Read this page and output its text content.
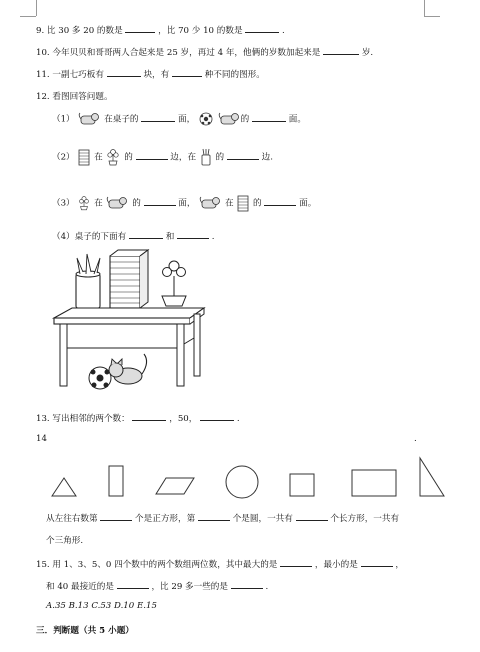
9. 比 30 多 20 的数是	，比 70 少 10 的数是	.
10. 今年贝贝和哥哥两人合起来是 25 岁，再过 4 年，他俩的岁数加起来是	岁.
11. 一副七巧板有	块，有	种不同的图形。
12. 看图回答问题。
（1）	在桌子的	面，
	的	面。
（2） 在 的	边，在 的	边.
（3） 在	的	面，	在 的	面。
（4）桌子的下面有	和	.
13. 写出相邻的两个数：	，50，	.
14	.
从左往右数第	个是正方形，第	个是圆，一共有	个长方形，一共有
个三角形.
15. 用 1、3、5、0 四个数中的两个数组两位数，其中最大的是	，最小的是	，
和 40 最接近的是	，比 29 多一些的是	.
A.35 B.13 C.53 D.10 E.15
三．判断题（共 5 小题）
